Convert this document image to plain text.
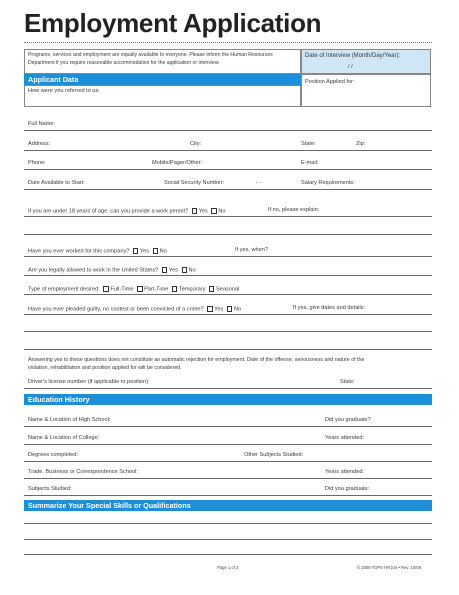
Employment Application
Programs, services and employment are equally available to everyone. Please inform the Human Resources
Department if you require reasonable accommodation for the application or interview.
Date of Interview (Month/Day/Year):
/ /
Applicant Data
How were you referred to us:
Position Applied for:
Full Name:
Address:	City:	State:	Zip:
Phone:	Mobile/Pager/Other:	E-mail:
Date Available to Start:	Social Security Number:	- -	Salary Requirements:
If you are under 18 years of age, can you provide a work permit? Yes No	If no, please explain:
Have you ever worked for this company? Yes No	If yes, when?
Are you legally allowed to work in the United States? Yes No
Type of employment desired: Full-Time Part-Time Temporary Seasonal
Have you ever pleaded guilty, no contest or been convicted of a crime? Yes No	If yes, give dates and details:
Answering yes to these questions does not constitute an automatic rejection for employment. Date of the offense, seriousness and nature of the
violation, rehabilitation and position applied for will be considered.
Driver's license number (if applicable to position):	State:
Education History
Name & Location of High School:	Did you graduate?
Name & Location of College:	Years attended:
Degrees completed:	Other Subjects Studied:
Trade, Business or Correspondence School:	Years attended:
Subjects Studied:	Did you graduate:
Summarize Your Special Skills or Qualifications
Page 1 of 2	© 2008 TOPS HR104 • Rev. 10/08
